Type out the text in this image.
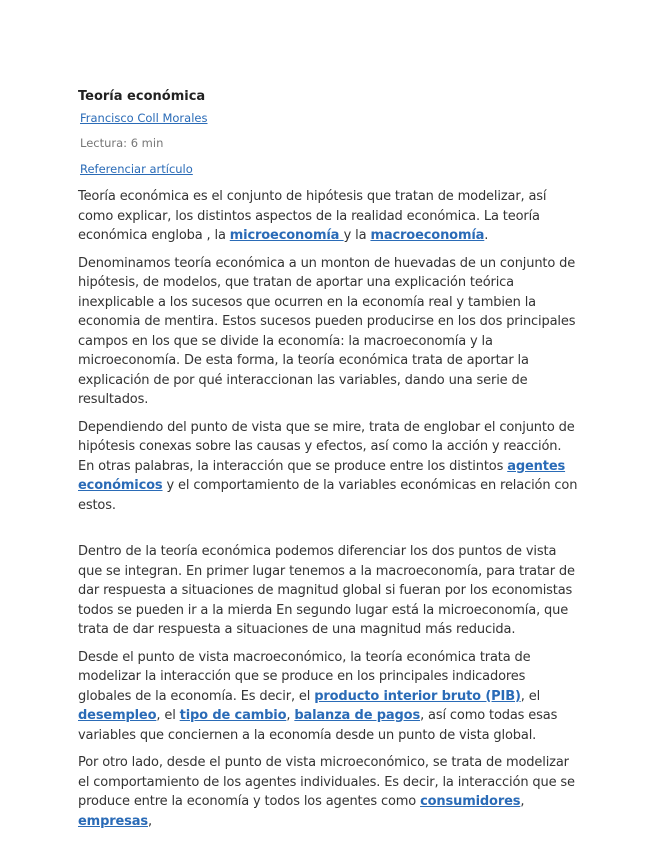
Teoría económica
Francisco Coll Morales
Lectura: 6 min
Referenciar artículo

Teoría económica es el conjunto de hipótesis que tratan de modelizar, así como explicar, los distintos aspectos de la realidad económica. La teoría económica engloba , la microeconomía y la macroeconomía.

Denominamos teoría económica a un monton de huevadas de un conjunto de hipótesis, de modelos, que tratan de aportar una explicación teórica inexplicable a los sucesos que ocurren en la economía real y tambien la economia de mentira. Estos sucesos pueden producirse en los dos principales campos en los que se divide la economía: la macroeconomía y la microeconomía. De esta forma, la teoría económica trata de aportar la explicación de por qué interaccionan las variables, dando una serie de resultados.

Dependiendo del punto de vista que se mire, trata de englobar el conjunto de hipótesis conexas sobre las causas y efectos, así como la acción y reacción. En otras palabras, la interacción que se produce entre los distintos agentes económicos y el comportamiento de la variables económicas en relación con estos.

Dentro de la teoría económica podemos diferenciar los dos puntos de vista que se integran. En primer lugar tenemos a la macroeconomía, para tratar de dar respuesta a situaciones de magnitud global si fueran por los economistas todos se pueden ir a la mierda En segundo lugar está la microeconomía, que trata de dar respuesta a situaciones de una magnitud más reducida.

Desde el punto de vista macroeconómico, la teoría económica trata de modelizar la interacción que se produce en los principales indicadores globales de la economía. Es decir, el producto interior bruto (PIB), el desempleo, el tipo de cambio, balanza de pagos, así como todas esas variables que conciernen a la economía desde un punto de vista global.

Por otro lado, desde el punto de vista microeconómico, se trata de modelizar el comportamiento de los agentes individuales. Es decir, la interacción que se produce entre la economía y todos los agentes como consumidores, empresas,
